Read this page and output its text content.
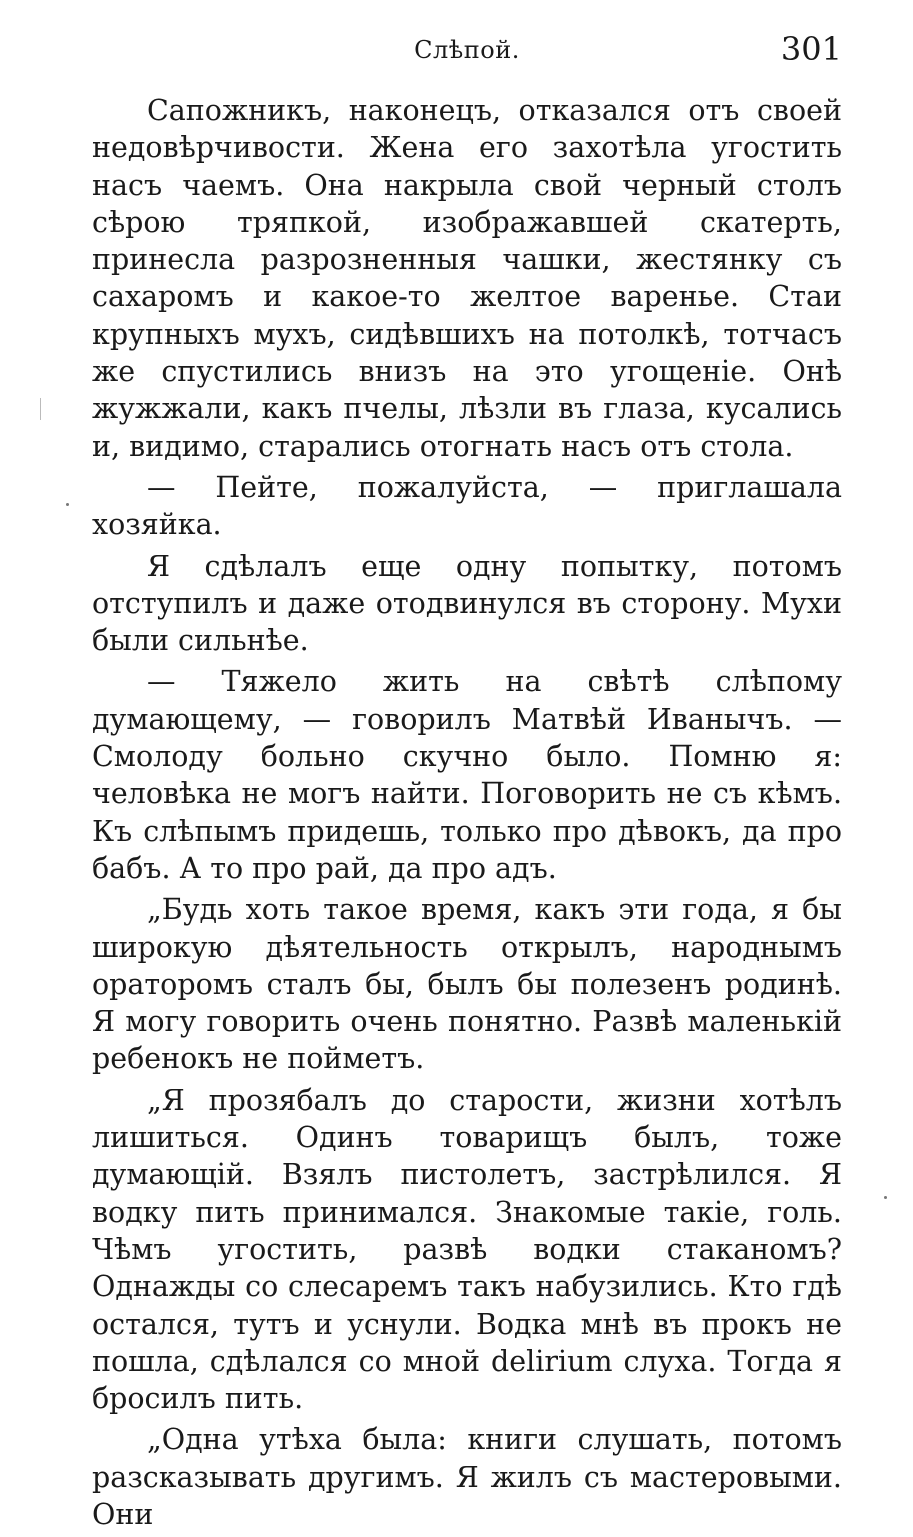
Слѣпой.	301

Сапожникъ, наконецъ, отказался отъ своей недовѣрчивости. Жена его захотѣла угостить насъ чаемъ. Она накрыла свой черный столъ сѣрою тряпкой, изображавшей скатерть, принесла разрозненныя чашки, жестянку съ сахаромъ и какое-то желтое варенье. Стаи крупныхъ мухъ, сидѣвшихъ на потолкѣ, тотчасъ же спустились внизъ на это угощеніе. Онѣ жужжали, какъ пчелы, лѣзли въ глаза, кусались и, видимо, старались отогнать насъ отъ стола.

— Пейте, пожалуйста, — приглашала хозяйка.

Я сдѣлалъ еще одну попытку, потомъ отступилъ и даже отодвинулся въ сторону. Мухи были сильнѣе.

— Тяжело жить на свѣтѣ слѣпому думающему, — говорилъ Матвѣй Иванычъ. — Смолоду больно скучно было. Помню я: человѣка не могъ найти. Поговорить не съ кѣмъ. Къ слѣпымъ придешь, только про дѣвокъ, да про бабъ. А то про рай, да про адъ.

„Будь хоть такое время, какъ эти года, я бы широкую дѣятельность открылъ, народнымъ ораторомъ сталъ бы, былъ бы полезенъ родинѣ. Я могу говорить очень понятно. Развѣ маленькій ребенокъ не пойметъ.

„Я прозябалъ до старости, жизни хотѣлъ лишиться. Одинъ товарищъ былъ, тоже думающій. Взялъ пистолетъ, застрѣлился. Я водку пить принимался. Знакомые такіе, голь. Чѣмъ угостить, развѣ водки стаканомъ? Однажды со слесаремъ такъ набузились. Кто гдѣ остался, тутъ и уснули. Водка мнѣ въ прокъ не пошла, сдѣлался со мной delirium слуха. Тогда я бросилъ пить.

„Одна утѣха была: книги слушать, потомъ разсказывать другимъ. Я жилъ съ мастеровыми. Они
